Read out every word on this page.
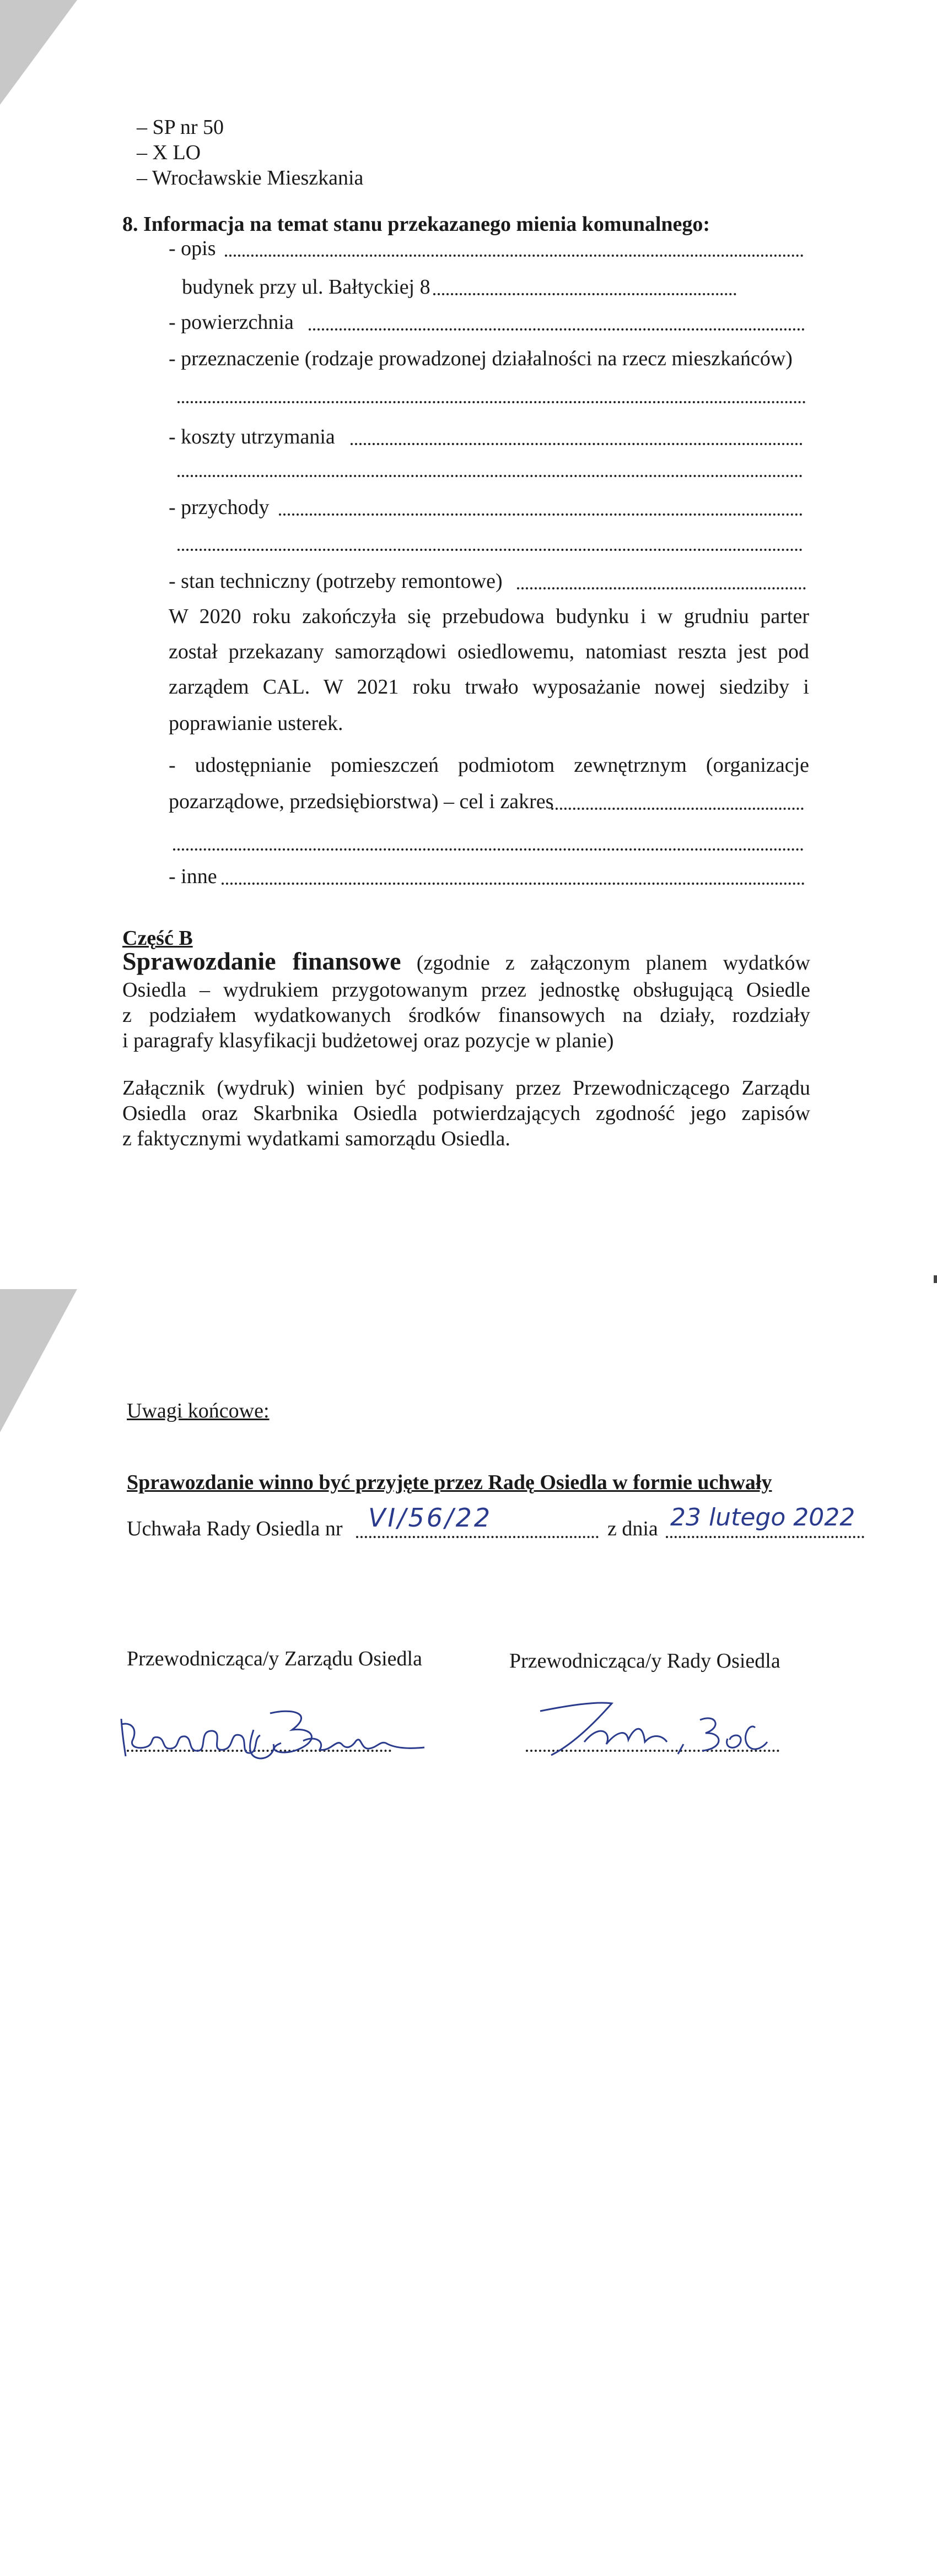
– SP nr 50
– X LO
– Wrocławskie Mieszkania
8. Informacja na temat stanu przekazanego mienia komunalnego:
- opis
budynek przy ul. Bałtyckiej 8
- powierzchnia
- przeznaczenie (rodzaje prowadzonej działalności na rzecz mieszkańców)
- koszty utrzymania
- przychody
- stan techniczny (potrzeby remontowe)
W 2020 roku zakończyła się przebudowa budynku i w grudniu parter
został przekazany samorządowi osiedlowemu, natomiast reszta jest pod
zarządem CAL. W 2021 roku trwało wyposażanie nowej siedziby i
poprawianie usterek.
- udostępnianie pomieszczeń podmiotom zewnętrznym (organizacje
pozarządowe, przedsiębiorstwa) – cel i zakres
- inne
Część B
Sprawozdanie finansowe (zgodnie z załączonym planem wydatków
Osiedla – wydrukiem przygotowanym przez jednostkę obsługującą Osiedle
z podziałem wydatkowanych środków finansowych na działy, rozdziały
i paragrafy klasyfikacji budżetowej oraz pozycje w planie)
Załącznik (wydruk) winien być podpisany przez Przewodniczącego Zarządu
Osiedla oraz Skarbnika Osiedla potwierdzających zgodność jego zapisów
z faktycznymi wydatkami samorządu Osiedla.
Uwagi końcowe:
Sprawozdanie winno być przyjęte przez Radę Osiedla w formie uchwały
Uchwała Rady Osiedla nr VI/56/22	z dnia 23 lutego 2022
Przewodnicząca/y Zarządu Osiedla	Przewodnicząca/y Rady Osiedla
